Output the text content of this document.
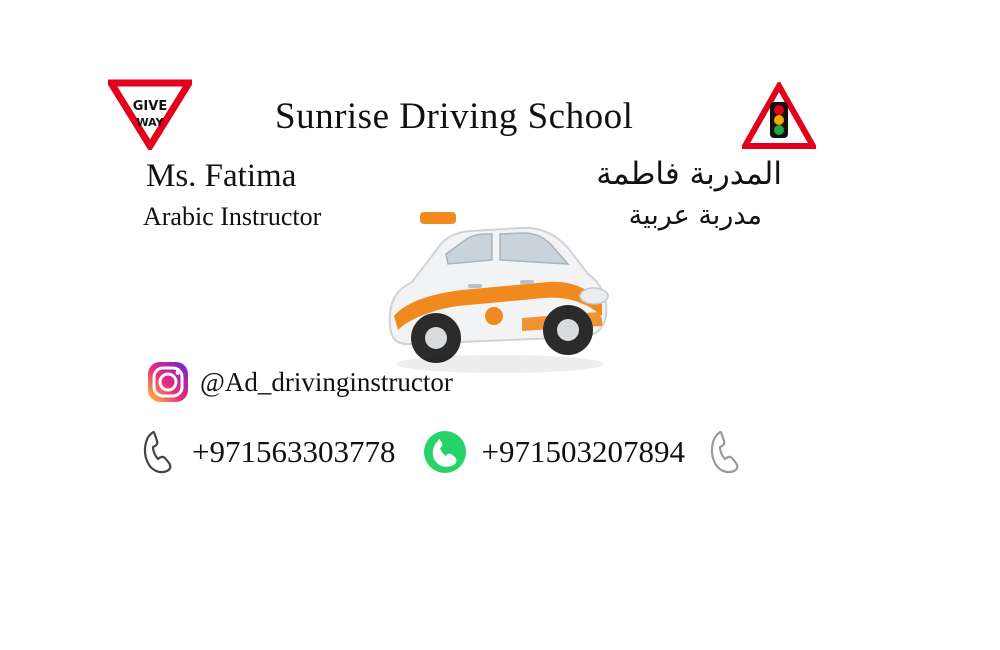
GIVE
WAY	Sunrise Driving School
Ms. Fatima
Arabic Instructor
المدربة فاطمة
مدربة عربية
@Ad_drivinginstructor
+971563303778	+971503207894
